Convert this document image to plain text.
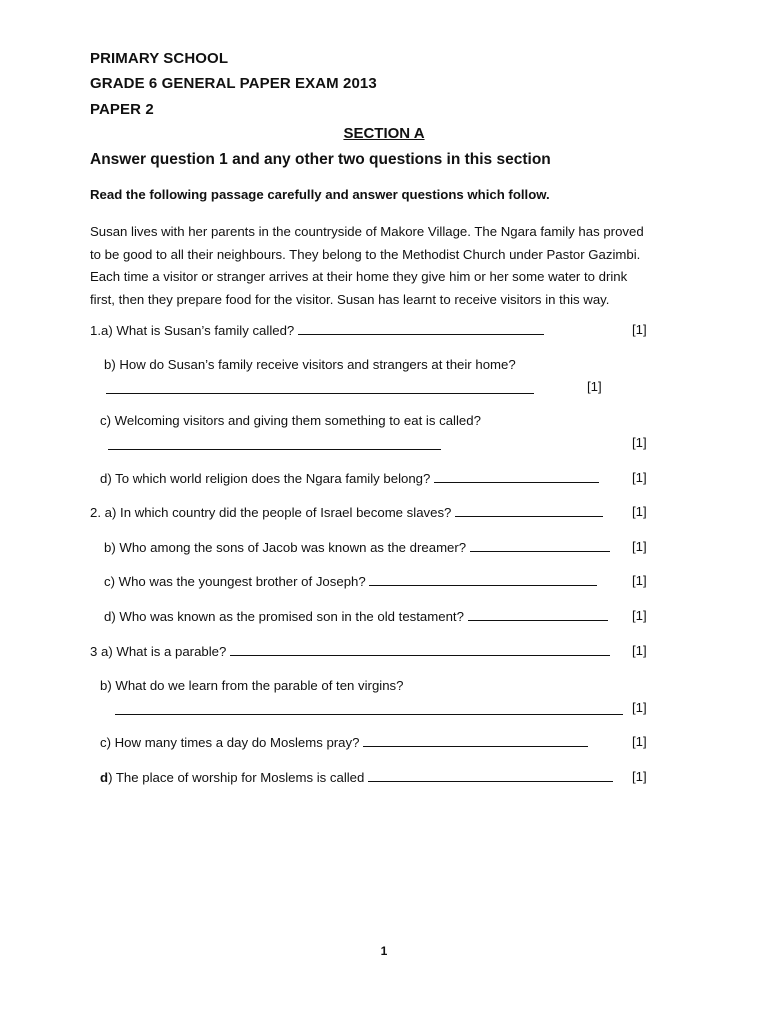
PRIMARY SCHOOL
GRADE 6 GENERAL PAPER EXAM 2013
PAPER 2
SECTION A
Answer question 1 and any other two questions in this section
Read the following passage carefully and answer questions which follow.

Susan lives with her parents in the countryside of Makore Village. The Ngara family has proved

to be good to all their neighbours. They belong to the Methodist Church under Pastor Gazimbi.

Each time a visitor or stranger arrives at their home they give him or her some water to drink

first, then they prepare food for the visitor. Susan has learnt to receive visitors in this way.

1.a) What is Susan’s family called?	[1]
b) How do Susan’s family receive visitors and strangers at their home?
[1]
c) Welcoming visitors and giving them something to eat is called?
[1]
d) To which world religion does the Ngara family belong?	[1]
2. a) In which country did the people of Israel become slaves?	[1]
b) Who among the sons of Jacob was known as the dreamer?	[1]
c) Who was the youngest brother of Joseph?	[1]
d) Who was known as the promised son in the old testament?	[1]
3 a) What is a parable?	[1]
b) What do we learn from the parable of ten virgins?
[1]
c) How many times a day do Moslems pray?	[1]
d) The place of worship for Moslems is called	[1]
1
